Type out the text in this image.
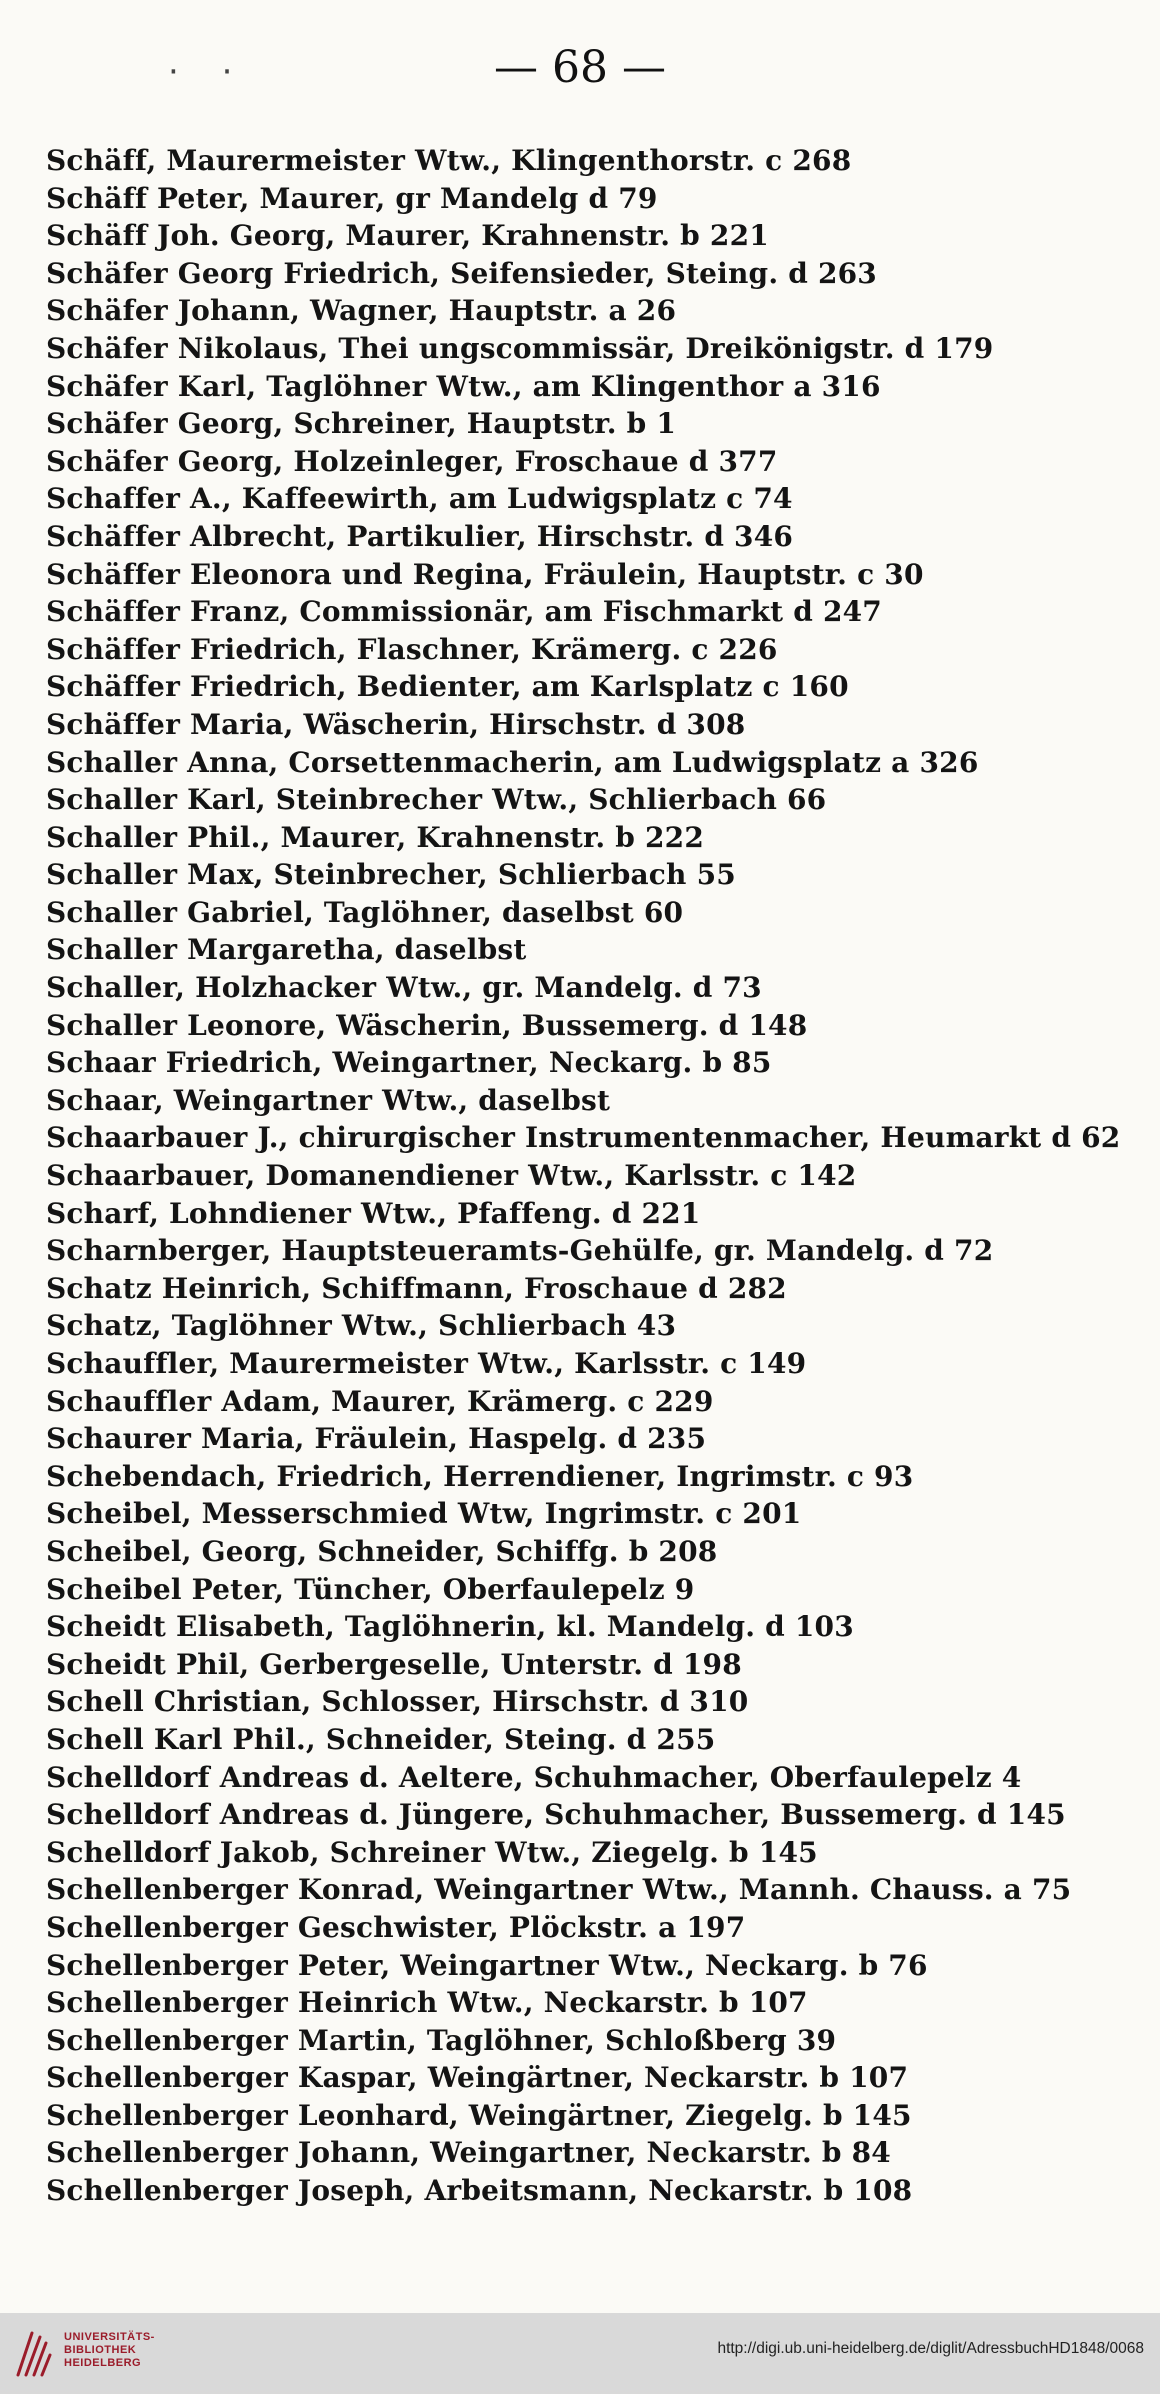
· ·	— 68 —
Schäff, Maurermeister Wtw., Klingenthorstr. c 268
Schäff Peter, Maurer, gr Mandelg d 79
Schäff Joh. Georg, Maurer, Krahnenstr. b 221
Schäfer Georg Friedrich, Seifensieder, Steing. d 263
Schäfer Johann, Wagner, Hauptstr. a 26
Schäfer Nikolaus, Thei ungscommissär, Dreikönigstr. d 179
Schäfer Karl, Taglöhner Wtw., am Klingenthor a 316
Schäfer Georg, Schreiner, Hauptstr. b 1
Schäfer Georg, Holzeinleger, Froschaue d 377
Schaffer A., Kaffeewirth, am Ludwigsplatz c 74
Schäffer Albrecht, Partikulier, Hirschstr. d 346
Schäffer Eleonora und Regina, Fräulein, Hauptstr. c 30
Schäffer Franz, Commissionär, am Fischmarkt d 247
Schäffer Friedrich, Flaschner, Krämerg. c 226
Schäffer Friedrich, Bedienter, am Karlsplatz c 160
Schäffer Maria, Wäscherin, Hirschstr. d 308
Schaller Anna, Corsettenmacherin, am Ludwigsplatz a 326
Schaller Karl, Steinbrecher Wtw., Schlierbach 66
Schaller Phil., Maurer, Krahnenstr. b 222
Schaller Max, Steinbrecher, Schlierbach 55
Schaller Gabriel, Taglöhner, daselbst 60
Schaller Margaretha, daselbst
Schaller, Holzhacker Wtw., gr. Mandelg. d 73
Schaller Leonore, Wäscherin, Bussemerg. d 148
Schaar Friedrich, Weingartner, Neckarg. b 85
Schaar, Weingartner Wtw., daselbst
Schaarbauer J., chirurgischer Instrumentenmacher, Heumarkt d 62
Schaarbauer, Domanendiener Wtw., Karlsstr. c 142
Scharf, Lohndiener Wtw., Pfaffeng. d 221
Scharnberger, Hauptsteueramts-Gehülfe, gr. Mandelg. d 72
Schatz Heinrich, Schiffmann, Froschaue d 282
Schatz, Taglöhner Wtw., Schlierbach 43
Schauffler, Maurermeister Wtw., Karlsstr. c 149
Schauffler Adam, Maurer, Krämerg. c 229
Schaurer Maria, Fräulein, Haspelg. d 235
Schebendach, Friedrich, Herrendiener, Ingrimstr. c 93
Scheibel, Messerschmied Wtw, Ingrimstr. c 201
Scheibel, Georg, Schneider, Schiffg. b 208
Scheibel Peter, Tüncher, Oberfaulepelz 9
Scheidt Elisabeth, Taglöhnerin, kl. Mandelg. d 103
Scheidt Phil, Gerbergeselle, Unterstr. d 198
Schell Christian, Schlosser, Hirschstr. d 310
Schell Karl Phil., Schneider, Steing. d 255
Schelldorf Andreas d. Aeltere, Schuhmacher, Oberfaulepelz 4
Schelldorf Andreas d. Jüngere, Schuhmacher, Bussemerg. d 145
Schelldorf Jakob, Schreiner Wtw., Ziegelg. b 145
Schellenberger Konrad, Weingartner Wtw., Mannh. Chauss. a 75
Schellenberger Geschwister, Plöckstr. a 197
Schellenberger Peter, Weingartner Wtw., Neckarg. b 76
Schellenberger Heinrich Wtw., Neckarstr. b 107
Schellenberger Martin, Taglöhner, Schloßberg 39
Schellenberger Kaspar, Weingärtner, Neckarstr. b 107
Schellenberger Leonhard, Weingärtner, Ziegelg. b 145
Schellenberger Johann, Weingartner, Neckarstr. b 84
Schellenberger Joseph, Arbeitsmann, Neckarstr. b 108
UNIVERSITÄTS-
BIBLIOTHEK
HEIDELBERG
http://digi.ub.uni-heidelberg.de/diglit/AdressbuchHD1848/0068
